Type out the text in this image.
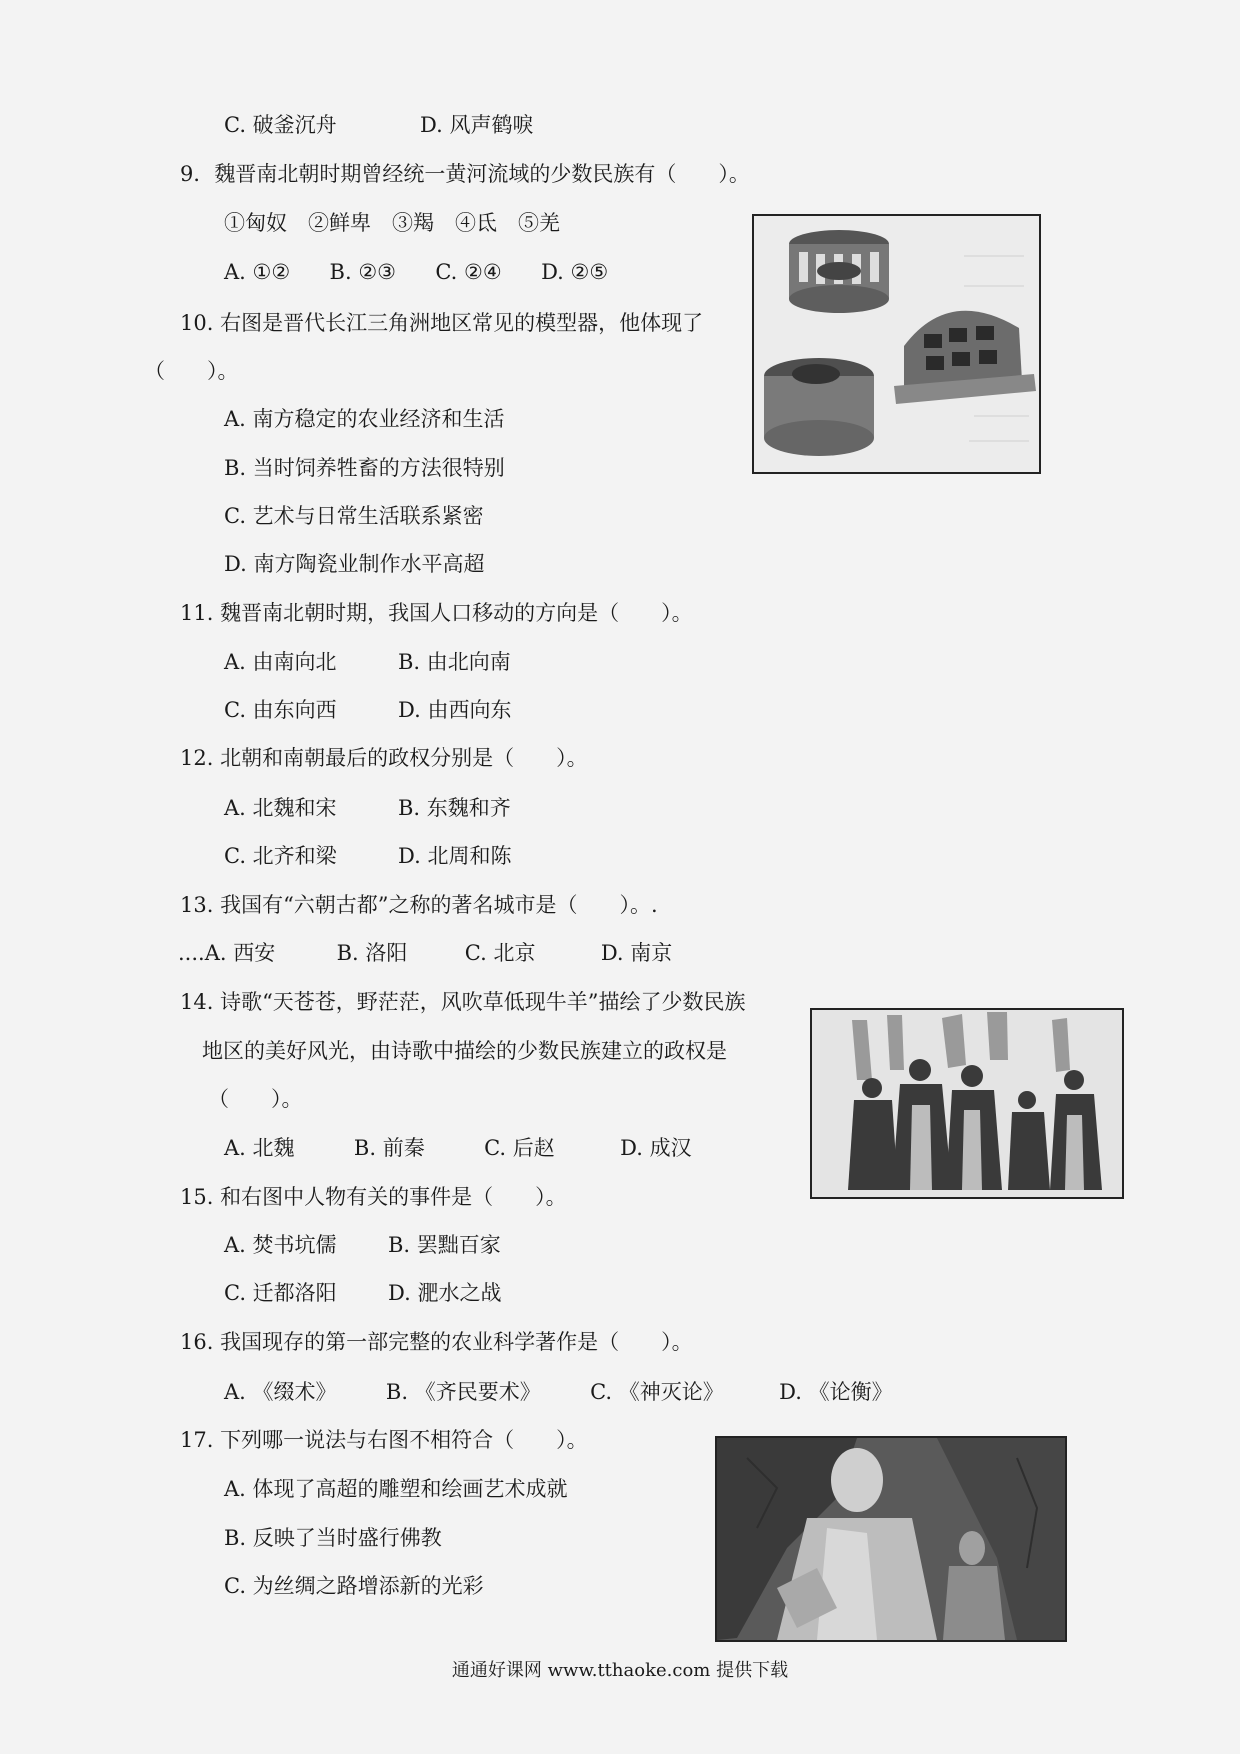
C. 破釜沉舟	D. 风声鹤唳
9．魏晋南北朝时期曾经统一黄河流域的少数民族有（　　）。
①匈奴　②鲜卑　③羯　④氐　⑤羌
A. ①② B. ②③ C. ②④ D. ②⑤
10. 右图是晋代长江三角洲地区常见的模型器，他体现了
（　　）。
A. 南方稳定的农业经济和生活
B. 当时饲养牲畜的方法很特别
C. 艺术与日常生活联系紧密
D. 南方陶瓷业制作水平高超
11. 魏晋南北朝时期，我国人口移动的方向是（　　）。
A. 由南向北	B. 由北向南
C. 由东向西	D. 由西向东
12. 北朝和南朝最后的政权分别是（　　）。
A. 北魏和宋	B. 东魏和齐
C. 北齐和梁	D. 北周和陈
13. 我国有“六朝古都”之称的著名城市是（　　）。.
....A. 西安	B. 洛阳	C. 北京	D. 南京
14. 诗歌“天苍苍，野茫茫，风吹草低现牛羊”描绘了少数民族
地区的美好风光，由诗歌中描绘的少数民族建立的政权是
（　　）。
A. 北魏	B. 前秦	C. 后赵	D. 成汉
15. 和右图中人物有关的事件是（　　）。
A. 焚书坑儒 B. 罢黜百家
C. 迁都洛阳 D. 淝水之战
16. 我国现存的第一部完整的农业科学著作是（　　）。
A. 《缀术》 B. 《齐民要术》 C. 《神灭论》	D. 《论衡》
17. 下列哪一说法与右图不相符合（　　）。
A. 体现了高超的雕塑和绘画艺术成就
B. 反映了当时盛行佛教
C. 为丝绸之路增添新的光彩
通通好课网 www.tthaoke.com 提供下载
